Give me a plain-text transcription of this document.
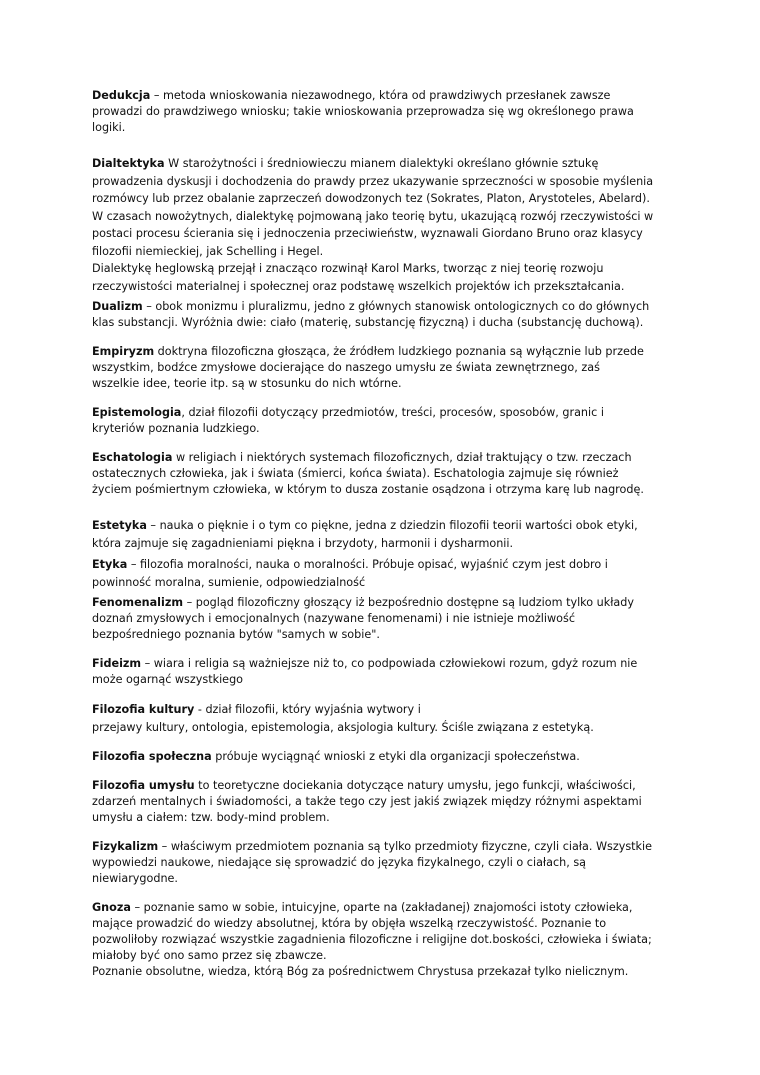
Dedukcja – metoda wnioskowania niezawodnego, która od prawdziwych przesłanek zawsze
prowadzi do prawdziwego wniosku; takie wnioskowania przeprowadza się wg określonego prawa
logiki.

Dialtektyka W starożytności i średniowieczu mianem dialektyki określano głównie sztukę
prowadzenia dyskusji i dochodzenia do prawdy przez ukazywanie sprzeczności w sposobie myślenia
rozmówcy lub przez obalanie zaprzeczeń dowodzonych tez (Sokrates, Platon, Arystoteles, Abelard).
W czasach nowożytnych, dialektykę pojmowaną jako teorię bytu, ukazującą rozwój rzeczywistości w
postaci procesu ścierania się i jednoczenia przeciwieństw, wyznawali Giordano Bruno oraz klasycy
filozofii niemieckiej, jak Schelling i Hegel.
Dialektykę heglowską przejął i znacząco rozwinął Karol Marks, tworząc z niej teorię rozwoju
rzeczywistości materialnej i społecznej oraz podstawę wszelkich projektów ich przekształcania.

Dualizm – obok monizmu i pluralizmu, jedno z głównych stanowisk ontologicznych co do głównych
klas substancji. Wyróżnia dwie: ciało (materię, substancję fizyczną) i ducha (substancję duchową).

Empiryzm doktryna filozoficzna głosząca, że źródłem ludzkiego poznania są wyłącznie lub przede
wszystkim, bodźce zmysłowe docierające do naszego umysłu ze świata zewnętrznego, zaś
wszelkie idee, teorie itp. są w stosunku do nich wtórne.

Epistemologia, dział filozofii dotyczący przedmiotów, treści, procesów, sposobów, granic i
kryteriów poznania ludzkiego.

Eschatologia w religiach i niektórych systemach filozoficznych, dział traktujący o tzw. rzeczach
ostatecznych człowieka, jak i świata (śmierci, końca świata). Eschatologia zajmuje się również
życiem pośmiertnym człowieka, w którym to dusza zostanie osądzona i otrzyma karę lub nagrodę.

Estetyka – nauka o pięknie i o tym co piękne, jedna z dziedzin filozofii teorii wartości obok etyki,
która zajmuje się zagadnieniami piękna i brzydoty, harmonii i dysharmonii.

Etyka – filozofia moralności, nauka o moralności. Próbuje opisać, wyjaśnić czym jest dobro i
powinność moralna, sumienie, odpowiedzialność

Fenomenalizm – pogląd filozoficzny głoszący iż bezpośrednio dostępne są ludziom tylko układy
doznań zmysłowych i emocjonalnych (nazywane fenomenami) i nie istnieje możliwość
bezpośredniego poznania bytów "samych w sobie".

Fideizm – wiara i religia są ważniejsze niż to, co podpowiada człowiekowi rozum, gdyż rozum nie
może ogarnąć wszystkiego

Filozofia kultury - dział filozofii, który wyjaśnia wytwory i
przejawy kultury, ontologia, epistemologia, aksjologia kultury. Ściśle związana z estetyką.

Filozofia społeczna próbuje wyciągnąć wnioski z etyki dla organizacji społeczeństwa.

Filozofia umysłu to teoretyczne dociekania dotyczące natury umysłu, jego funkcji, właściwości,
zdarzeń mentalnych i świadomości, a także tego czy jest jakiś związek między różnymi aspektami
umysłu a ciałem: tzw. body-mind problem.

Fizykalizm – właściwym przedmiotem poznania są tylko przedmioty fizyczne, czyli ciała. Wszystkie
wypowiedzi naukowe, niedające się sprowadzić do języka fizykalnego, czyli o ciałach, są
niewiarygodne.

Gnoza – poznanie samo w sobie, intuicyjne, oparte na (zakładanej) znajomości istoty człowieka,
mające prowadzić do wiedzy absolutnej, która by objęła wszelką rzeczywistość. Poznanie to
pozwoliłoby rozwiązać wszystkie zagadnienia filozoficzne i religijne dot.boskości, człowieka i świata;
miałoby być ono samo przez się zbawcze.
Poznanie obsolutne, wiedza, którą Bóg za pośrednictwem Chrystusa przekazał tylko nielicznym.
